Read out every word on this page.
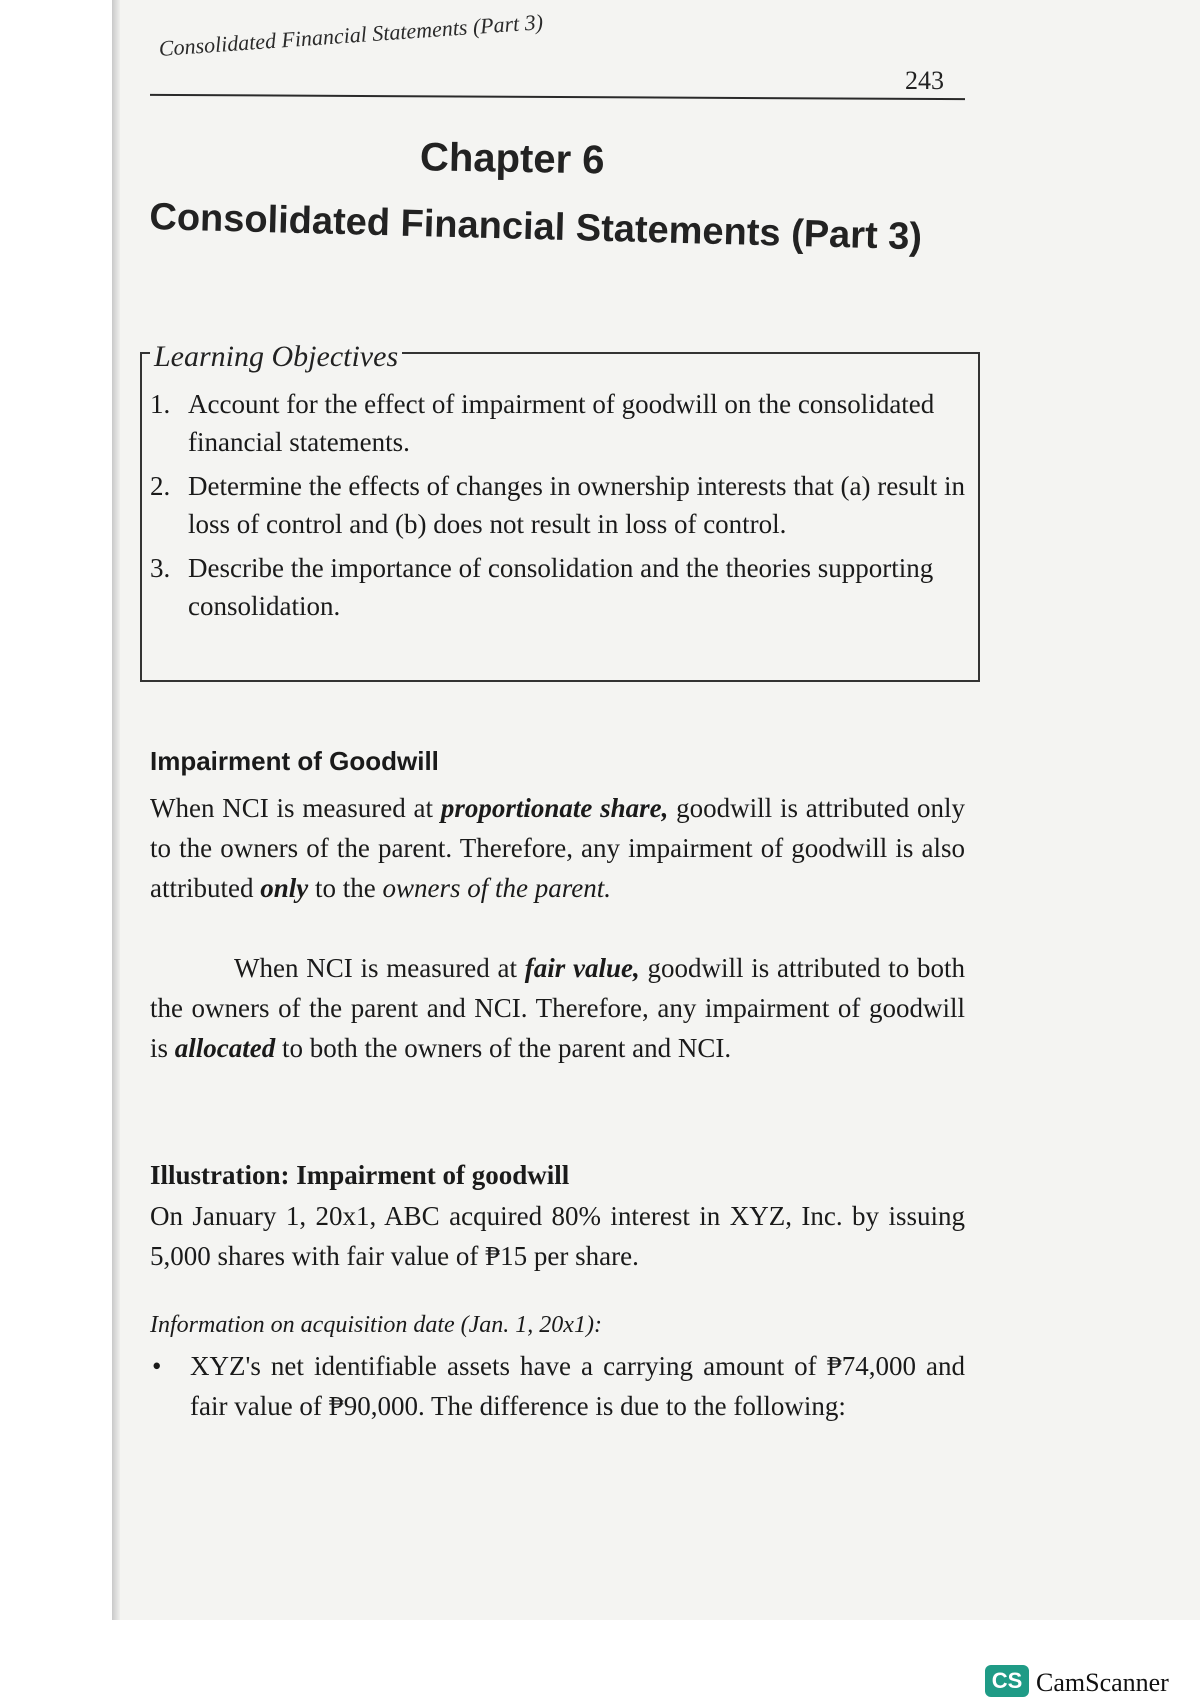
Consolidated Financial Statements (Part 3)
243
Chapter 6
Consolidated Financial Statements (Part 3)
Learning Objectives
1. Account for the effect of impairment of goodwill on the consolidated financial statements.
2. Determine the effects of changes in ownership interests that (a) result in loss of control and (b) does not result in loss of control.
3. Describe the importance of consolidation and the theories supporting consolidation.
Impairment of Goodwill
When NCI is measured at proportionate share, goodwill is attributed only to the owners of the parent. Therefore, any impairment of goodwill is also attributed only to the owners of the parent.
When NCI is measured at fair value, goodwill is attributed to both the owners of the parent and NCI. Therefore, any impairment of goodwill is allocated to both the owners of the parent and NCI.
Illustration: Impairment of goodwill
On January 1, 20x1, ABC acquired 80% interest in XYZ, Inc. by issuing 5,000 shares with fair value of ₱15 per share.
Information on acquisition date (Jan. 1, 20x1):
• XYZ's net identifiable assets have a carrying amount of ₱74,000 and fair value of ₱90,000. The difference is due to the following:
CS CamScanner
